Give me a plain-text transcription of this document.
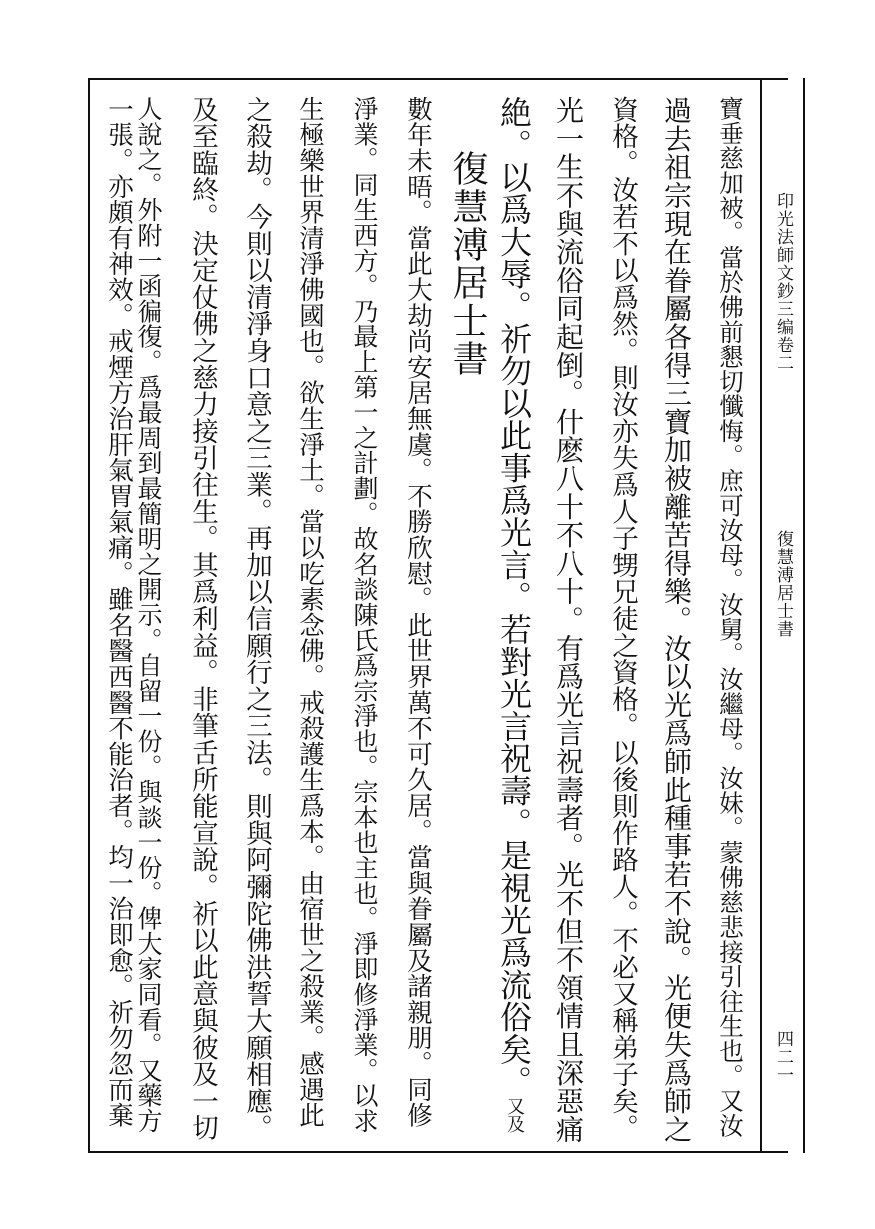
印光法師文鈔三编卷二
復慧溥居士書
四二一
寶垂慈加被。當於佛前懇切懺悔。庶可汝母。汝舅。汝繼母。汝妹。蒙佛慈悲接引往生也。又汝
過去祖宗現在眷屬各得三寶加被離苦得樂。汝以光爲師此種事若不說。光便失爲師之
資格。汝若不以爲然。則汝亦失爲人子甥兄徒之資格。以後則作路人。不必又稱弟子矣。
光一生不與流俗同起倒。什麽八十不八十。有爲光言祝壽者。光不但不領情且深惡痛
絶。以爲大辱。祈勿以此事爲光言。若對光言祝壽。是視光爲流俗矣。又及
復慧溥居士書
數年未晤。當此大劫尚安居無虞。不勝欣慰。此世界萬不可久居。當與眷屬及諸親朋。同修
淨業。同生西方。乃最上第一之計劃。故名談陳氏爲宗淨也。宗本也主也。淨即修淨業。以求
生極樂世界清淨佛國也。欲生淨土。當以吃素念佛。戒殺護生爲本。由宿世之殺業。感遇此
之殺劫。今則以清淨身口意之三業。再加以信願行之三法。則與阿彌陀佛洪誓大願相應。
及至臨終。決定仗佛之慈力接引往生。其爲利益。非筆舌所能宣說。祈以此意與彼及一切
人說之。外附一函徧復。爲最周到最簡明之開示。自留一份。與談一份。俾大家同看。又藥方
一張。亦頗有神效。戒煙方治肝氣胃氣痛。雖名醫西醫不能治者。均一治即愈。祈勿忽而棄
